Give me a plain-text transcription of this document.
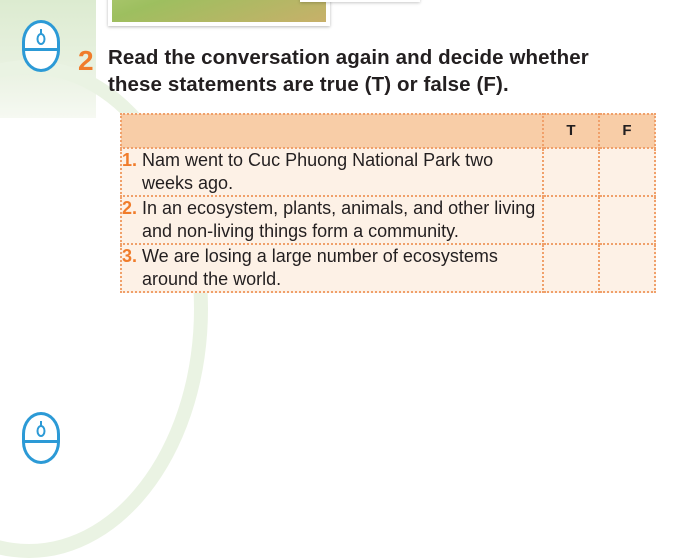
2 Read the conversation again and decide whether these statements are true (T) or false (F).
	T	F

1. Nam went to Cuc Phuong National Park two weeks ago.		

2. In an ecosystem, plants, animals, and other living and non-living things form a community.		

3. We are losing a large number of ecosystems around the world.		
